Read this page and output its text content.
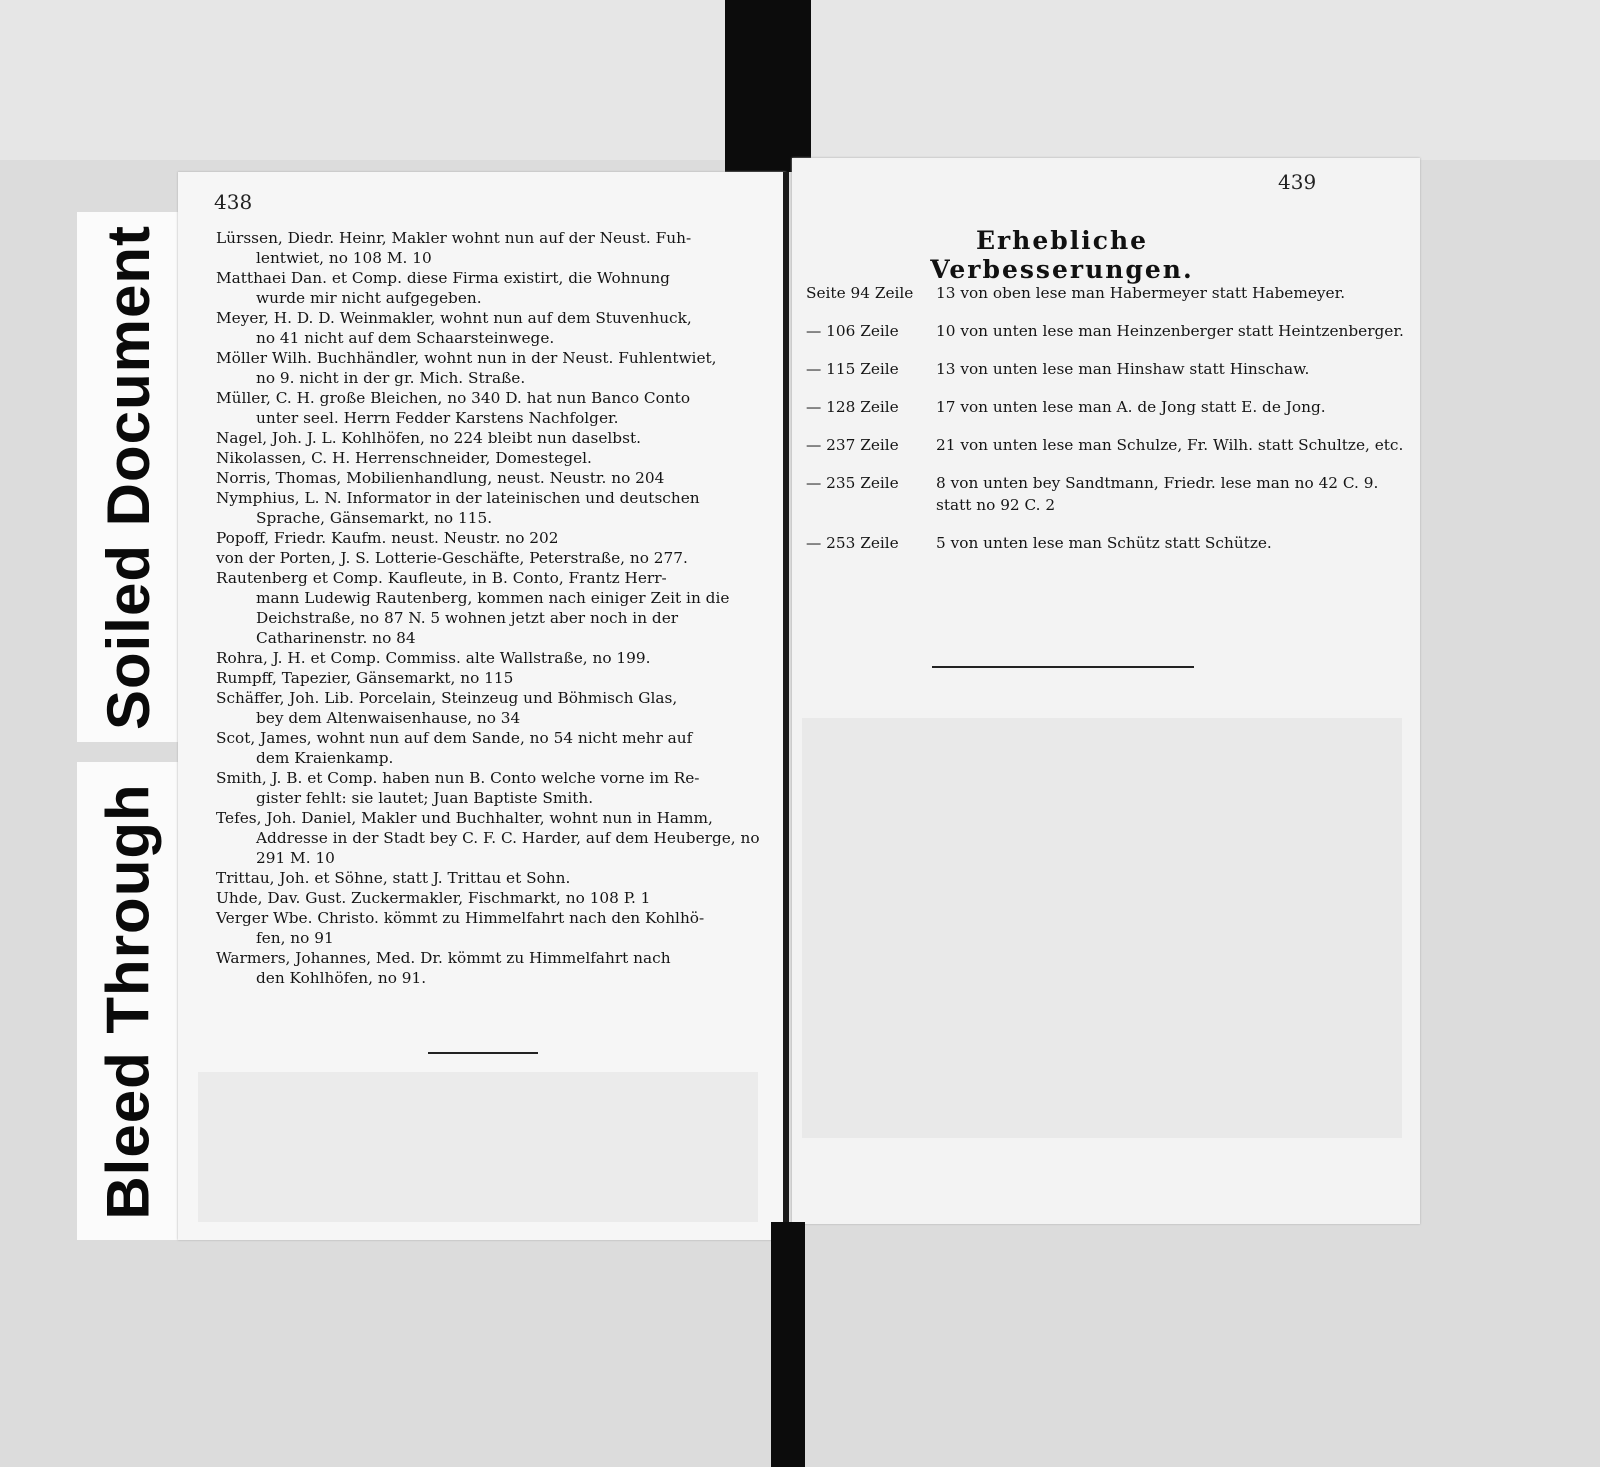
Soiled Document
Bleed Through
438

Lürssen, Diedr. Heinr, Makler wohnt nun auf der Neust. Fuh-
lentwiet, no 108 M. 10

Matthaei Dan. et Comp. diese Firma existirt, die Wohnung
wurde mir nicht aufgegeben.

Meyer, H. D. D. Weinmakler, wohnt nun auf dem Stuvenhuck,
no 41 nicht auf dem Schaarsteinwege.

Möller Wilh. Buchhändler, wohnt nun in der Neust. Fuhlentwiet,
no 9. nicht in der gr. Mich. Straße.

Müller, C. H. große Bleichen, no 340 D. hat nun Banco Conto
unter seel. Herrn Fedder Karstens Nachfolger.

Nagel, Joh. J. L. Kohlhöfen, no 224 bleibt nun daselbst.

Nikolassen, C. H. Herrenschneider, Domestegel.

Norris, Thomas, Mobilienhandlung, neust. Neustr. no 204

Nymphius, L. N. Informator in der lateinischen und deutschen
Sprache, Gänsemarkt, no 115.

Popoff, Friedr. Kaufm. neust. Neustr. no 202

von der Porten, J. S. Lotterie-Geschäfte, Peterstraße, no 277.

Rautenberg et Comp. Kaufleute, in B. Conto, Frantz Herr-
mann Ludewig Rautenberg, kommen nach einiger Zeit in die Deichstraße, no 87 N. 5 wohnen jetzt aber noch in der Catharinenstr. no 84

Rohra, J. H. et Comp. Commiss. alte Wallstraße, no 199.

Rumpff, Tapezier, Gänsemarkt, no 115

Schäffer, Joh. Lib. Porcelain, Steinzeug und Böhmisch Glas,
bey dem Altenwaisenhause, no 34

Scot, James, wohnt nun auf dem Sande, no 54 nicht mehr auf
dem Kraienkamp.

Smith, J. B. et Comp. haben nun B. Conto welche vorne im Re-
gister fehlt: sie lautet; Juan Baptiste Smith.

Tefes, Joh. Daniel, Makler und Buchhalter, wohnt nun in Hamm,
Addresse in der Stadt bey C. F. C. Harder, auf dem Heuberge, no 291 M. 10

Trittau, Joh. et Söhne, statt J. Trittau et Sohn.

Uhde, Dav. Gust. Zuckermakler, Fischmarkt, no 108 P. 1

Verger Wbe. Christo. kömmt zu Himmelfahrt nach den Kohlhö-
fen, no 91

Warmers, Johannes, Med. Dr. kömmt zu Himmelfahrt nach
den Kohlhöfen, no 91.

439
Erhebliche Verbesserungen.
Seite 94 Zeile	13 von oben lese man Habermeyer statt Habemeyer.
— 106 Zeile	10 von unten lese man Heinzenberger statt Heintzenberger.
— 115 Zeile	13 von unten lese man Hinshaw statt Hinschaw.
— 128 Zeile	17 von unten lese man A. de Jong statt E. de Jong.
— 237 Zeile	21 von unten lese man Schulze, Fr. Wilh. statt Schultze, etc.
— 235 Zeile	8 von unten bey Sandtmann, Friedr. lese man no 42 C. 9. statt no 92 C. 2
— 253 Zeile	5 von unten lese man Schütz statt Schütze.
